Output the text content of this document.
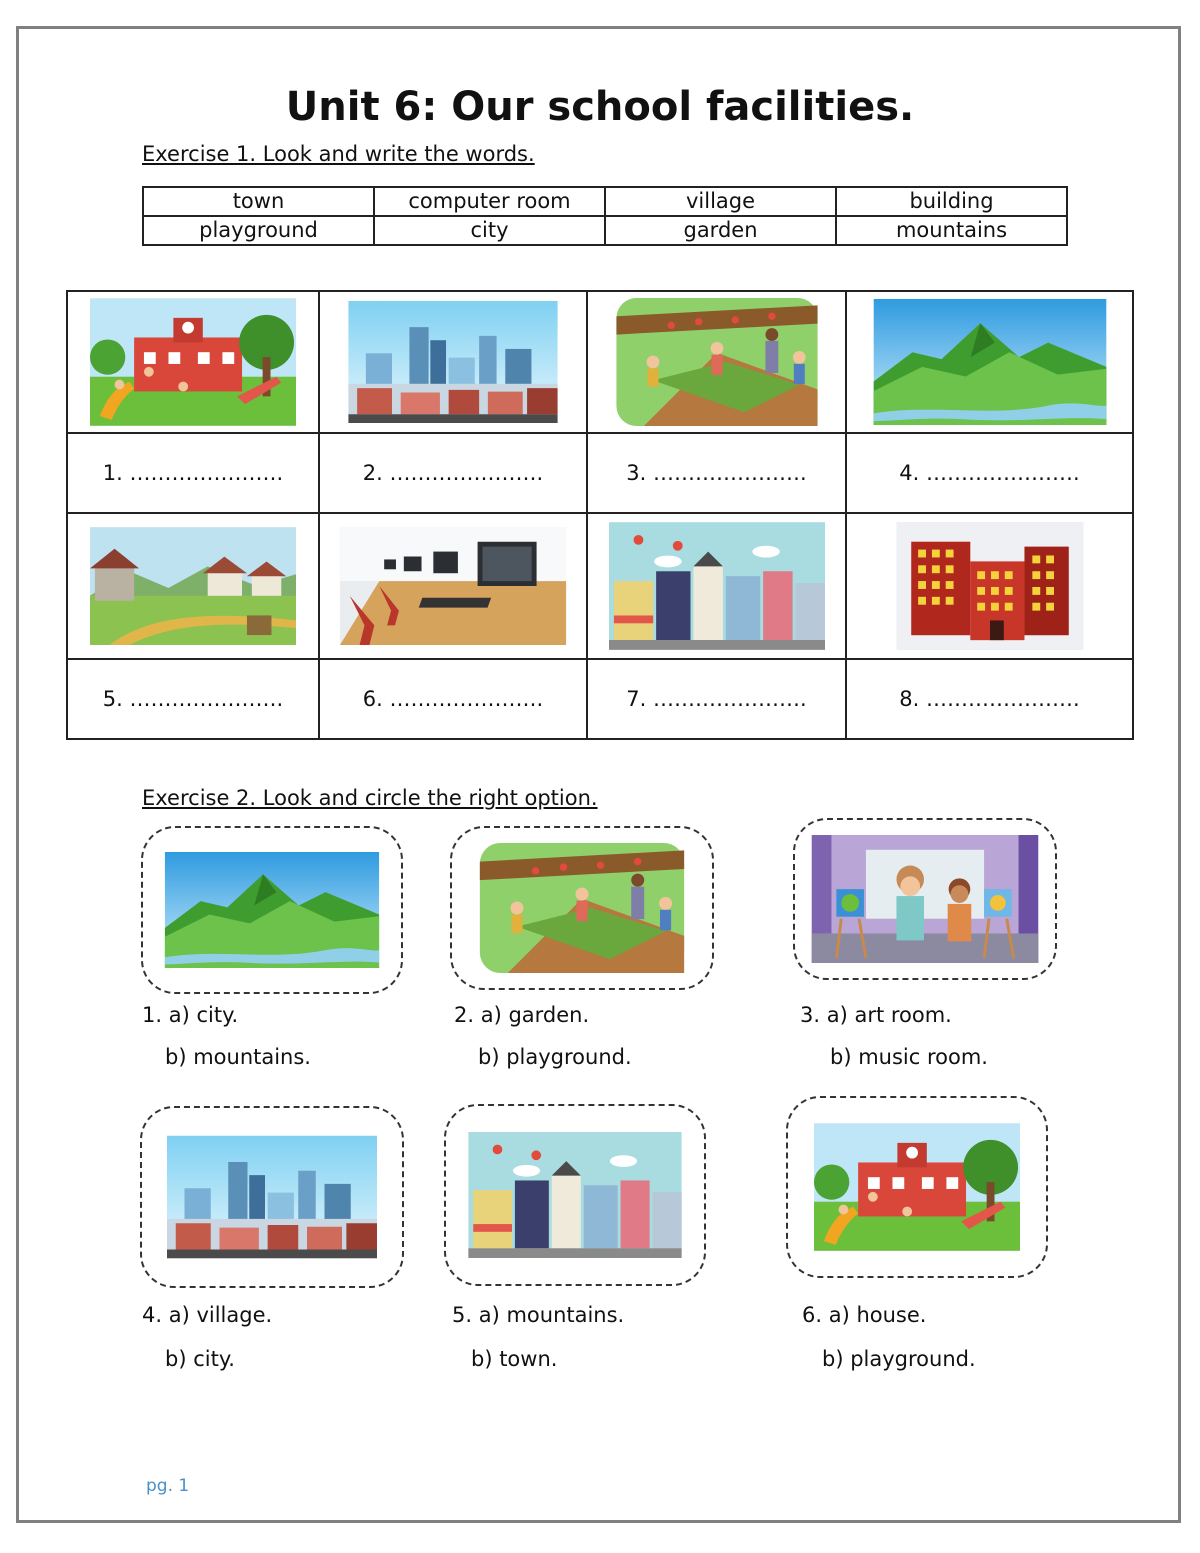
Unit 6: Our school facilities.

Exercise 1. Look and write the words.

town	computer room	village	building
playground	city	garden	mountains

1. ………………….	2. ………………….	3. ………………….	4. ………………….

5. ………………….	6. ………………….	7. ………………….	8. ………………….

Exercise 2. Look and circle the right option.

1. a) city.

b) mountains.

2. a) garden.

b) playground.

3. a) art room.

b) music room.

4. a) village.

b) city.

5. a) mountains.

b) town.

6. a) house.

b) playground.

pg. 1
